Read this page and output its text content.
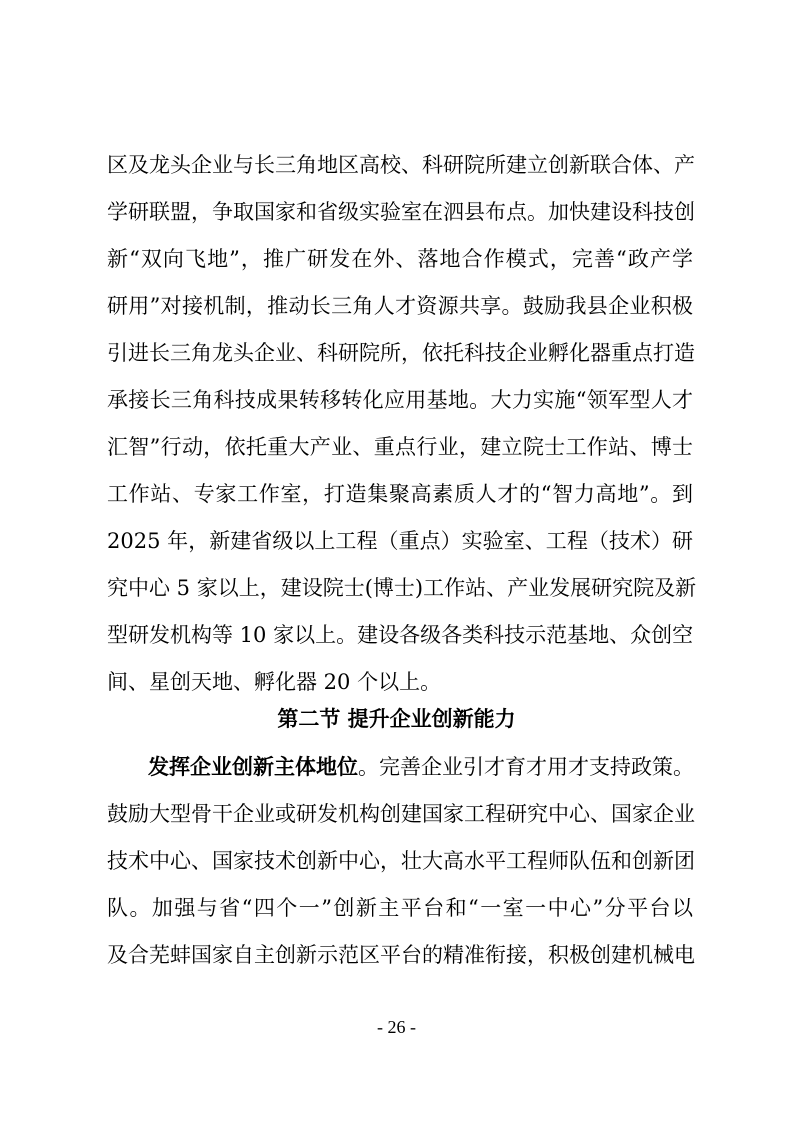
区及龙头企业与长三角地区高校、科研院所建立创新联合体、产
学研联盟，争取国家和省级实验室在泗县布点。加快建设科技创
新“双向飞地”，推广研发在外、落地合作模式，完善“政产学
研用”对接机制，推动长三角人才资源共享。鼓励我县企业积极
引进长三角龙头企业、科研院所，依托科技企业孵化器重点打造
承接长三角科技成果转移转化应用基地。大力实施“领军型人才
汇智”行动，依托重大产业、重点行业，建立院士工作站、博士
工作站、专家工作室，打造集聚高素质人才的“智力高地”。到
2025 年，新建省级以上工程（重点）实验室、工程（技术）研
究中心 5 家以上，建设院士(博士)工作站、产业发展研究院及新
型研发机构等 10 家以上。建设各级各类科技示范基地、众创空
间、星创天地、孵化器 20 个以上。
第二节 提升企业创新能力
发挥企业创新主体地位。完善企业引才育才用才支持政策。
鼓励大型骨干企业或研发机构创建国家工程研究中心、国家企业
技术中心、国家技术创新中心，壮大高水平工程师队伍和创新团
队。加强与省“四个一”创新主平台和“一室一中心”分平台以
及合芜蚌国家自主创新示范区平台的精准衔接，积极创建机械电
- 26 -
